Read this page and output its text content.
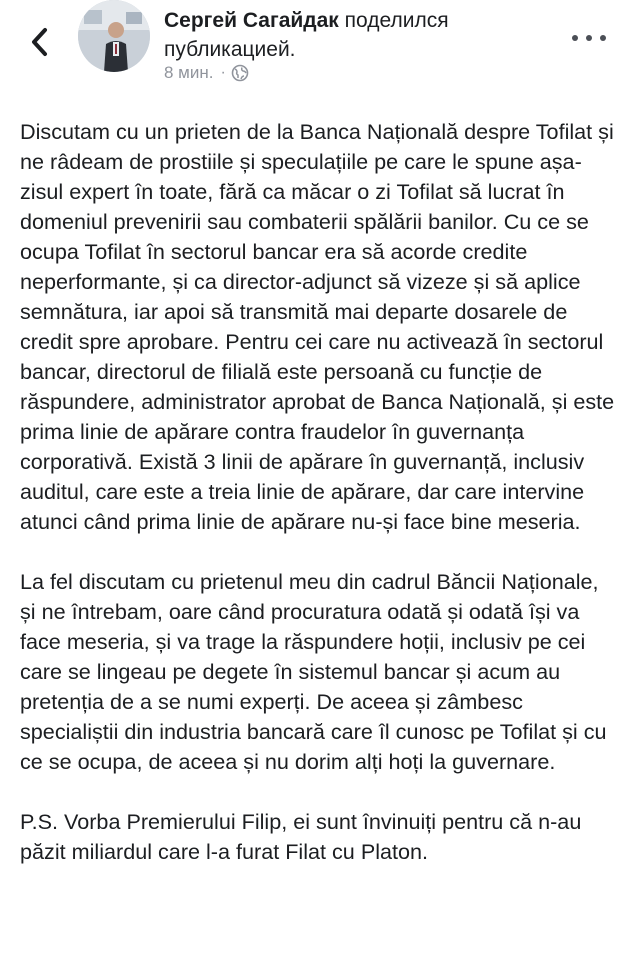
Сергей Сагайдак поделился публикацией.
8 мин. ·

Discutam cu un prieten de la Banca Națională despre Tofilat și ne râdeam de prostiile și speculațiile pe care le spune așa-zisul expert în toate, fără ca măcar o zi Tofilat să lucrat în domeniul prevenirii sau combaterii spălării banilor. Cu ce se ocupa Tofilat în sectorul bancar era să acorde credite neperformante, și ca director-adjunct să vizeze și să aplice semnătura, iar apoi să transmită mai departe dosarele de credit spre aprobare. Pentru cei care nu activează în sectorul bancar, directorul de filială este persoană cu funcție de răspundere, administrator aprobat de Banca Națională, și este prima linie de apărare contra fraudelor în guvernanța corporativă. Există 3 linii de apărare în guvernanță, inclusiv auditul, care este a treia linie de apărare, dar care intervine atunci când prima linie de apărare nu-și face bine meseria.

La fel discutam cu prietenul meu din cadrul Băncii Naționale, și ne întrebam, oare când procuratura odată și odată își va face meseria, și va trage la răspundere hoții, inclusiv pe cei care se lingeau pe degete în sistemul bancar și acum au pretenția de a se numi experți. De aceea și zâmbesc specialiștii din industria bancară care îl cunosc pe Tofilat și cu ce se ocupa, de aceea și nu dorim alți hoți la guvernare.

P.S. Vorba Premierului Filip, ei sunt învinuiți pentru că n-au păzit miliardul care l-a furat Filat cu Platon.
